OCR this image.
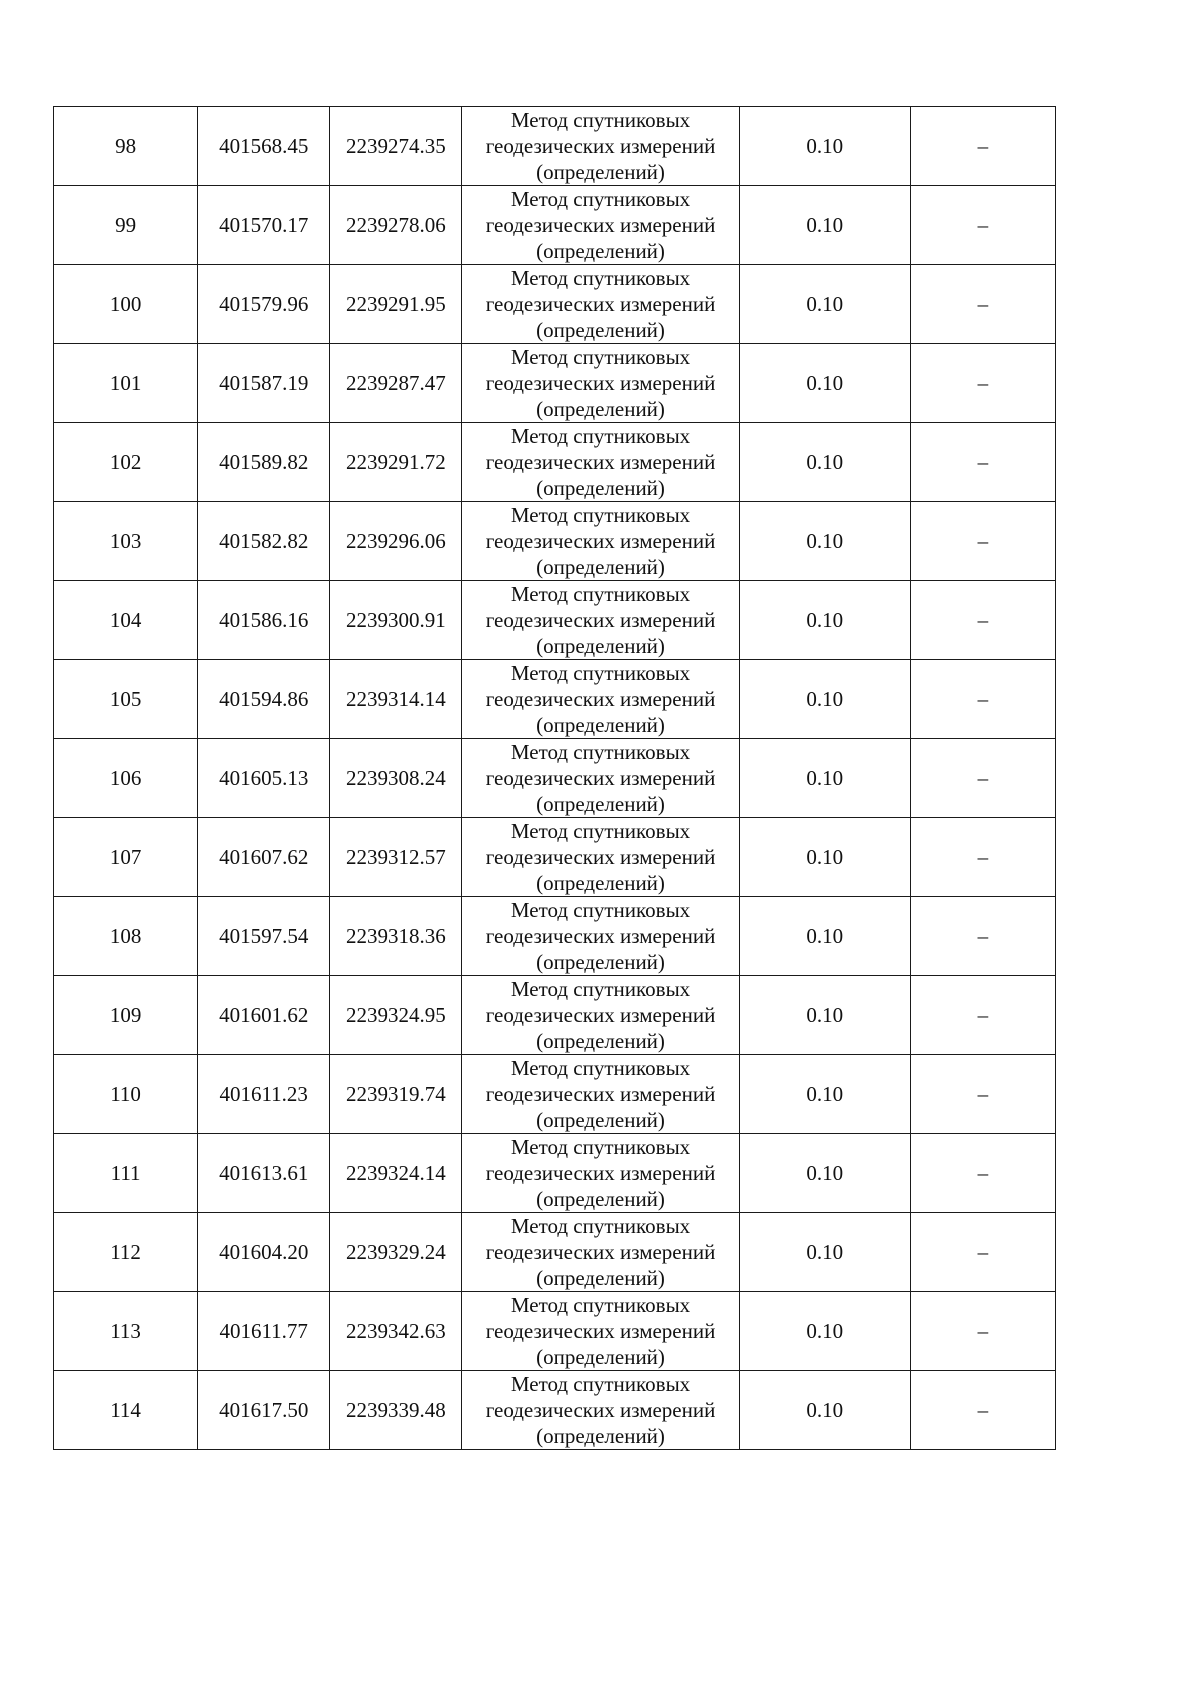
98	401568.45	2239274.35	Метод спутниковых геодезических измерений (определений)	0.10	–
99	401570.17	2239278.06	Метод спутниковых геодезических измерений (определений)	0.10	–
100	401579.96	2239291.95	Метод спутниковых геодезических измерений (определений)	0.10	–
101	401587.19	2239287.47	Метод спутниковых геодезических измерений (определений)	0.10	–
102	401589.82	2239291.72	Метод спутниковых геодезических измерений (определений)	0.10	–
103	401582.82	2239296.06	Метод спутниковых геодезических измерений (определений)	0.10	–
104	401586.16	2239300.91	Метод спутниковых геодезических измерений (определений)	0.10	–
105	401594.86	2239314.14	Метод спутниковых геодезических измерений (определений)	0.10	–
106	401605.13	2239308.24	Метод спутниковых геодезических измерений (определений)	0.10	–
107	401607.62	2239312.57	Метод спутниковых геодезических измерений (определений)	0.10	–
108	401597.54	2239318.36	Метод спутниковых геодезических измерений (определений)	0.10	–
109	401601.62	2239324.95	Метод спутниковых геодезических измерений (определений)	0.10	–
110	401611.23	2239319.74	Метод спутниковых геодезических измерений (определений)	0.10	–
111	401613.61	2239324.14	Метод спутниковых геодезических измерений (определений)	0.10	–
112	401604.20	2239329.24	Метод спутниковых геодезических измерений (определений)	0.10	–
113	401611.77	2239342.63	Метод спутниковых геодезических измерений (определений)	0.10	–
114	401617.50	2239339.48	Метод спутниковых геодезических измерений (определений)	0.10	–
